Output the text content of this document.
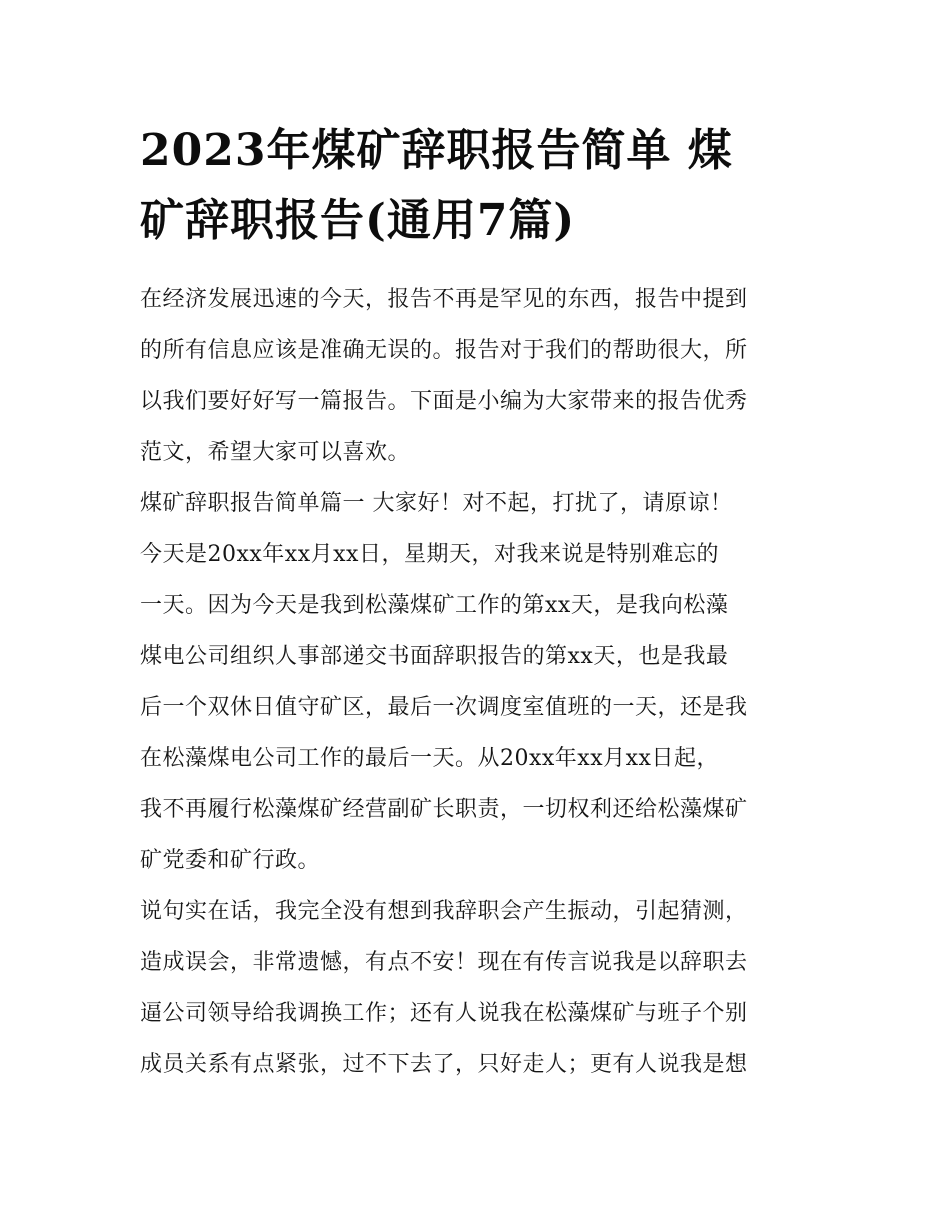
2023年煤矿辞职报告简单 煤
矿辞职报告(通用7篇)
在经济发展迅速的今天，报告不再是罕见的东西，报告中提到
的所有信息应该是准确无误的。报告对于我们的帮助很大，所
以我们要好好写一篇报告。下面是小编为大家带来的报告优秀
范文，希望大家可以喜欢。
煤矿辞职报告简单篇一 大家好！对不起，打扰了，请原谅！
今天是20xx年xx月xx日，星期天，对我来说是特别难忘的
一天。因为今天是我到松藻煤矿工作的第xx天，是我向松藻
煤电公司组织人事部递交书面辞职报告的第xx天，也是我最
后一个双休日值守矿区，最后一次调度室值班的一天，还是我
在松藻煤电公司工作的最后一天。从20xx年xx月xx日起，
我不再履行松藻煤矿经营副矿长职责，一切权利还给松藻煤矿
矿党委和矿行政。
说句实在话，我完全没有想到我辞职会产生振动，引起猜测，
造成误会，非常遗憾，有点不安！现在有传言说我是以辞职去
逼公司领导给我调换工作；还有人说我在松藻煤矿与班子个别
成员关系有点紧张，过不下去了，只好走人；更有人说我是想
